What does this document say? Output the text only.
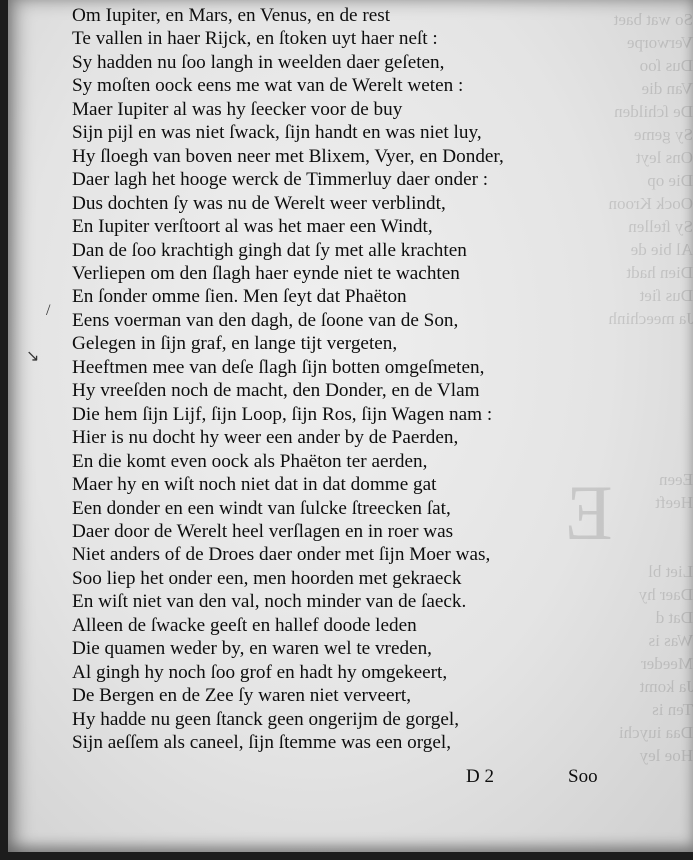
So wat baet
Verworpe
Dus ſoo
Van die
De ſchilden
Sy geme
Ons leyt
Die op
Oock Kroon
Sy ſtellen
Al bie de
Dien hadt
Dus ſiet
Ja meechinh

Eeen
Heeft

Liet bl
Daer hy
Dat d
Was is
Meeder
Ja komt
Ten is
Daa iuychi
Hoe ley
E
/
↘
Om Iupiter, en Mars, en Venus, en de rest
Te vallen in haer Rijck, en ſtoken uyt haer neſt :
Sy hadden nu ſoo langh in weelden daer geſeten,
Sy moſten oock eens me wat van de Werelt weten :
Maer Iupiter al was hy ſeecker voor de buy
Sijn pijl en was niet ſwack, ſijn handt en was niet luy,
Hy ſloegh van boven neer met Blixem, Vyer, en Donder,
Daer lagh het hooge werck de Timmerluy daer onder :
Dus dochten ſy was nu de Werelt weer verblindt,
En Iupiter verſtoort al was het maer een Windt,
Dan de ſoo krachtigh gingh dat ſy met alle krachten
Verliepen om den ſlagh haer eynde niet te wachten
En ſonder omme ſien. Men ſeyt dat Phaëton
Eens voerman van den dagh, de ſoone van de Son,
Gelegen in ſijn graf, en lange tijt vergeten,
Heeftmen mee van deſe ſlagh ſijn botten omgeſmeten,
Hy vreeſden noch de macht, den Donder, en de Vlam
Die hem ſijn Lijf, ſijn Loop, ſijn Ros, ſijn Wagen nam :
Hier is nu docht hy weer een ander by de Paerden,
En die komt even oock als Phaëton ter aerden,
Maer hy en wiſt noch niet dat in dat domme gat
Een donder en een windt van ſulcke ſtreecken ſat,
Daer door de Werelt heel verſlagen en in roer was
Niet anders of de Droes daer onder met ſijn Moer was,
Soo liep het onder een, men hoorden met gekraeck
En wiſt niet van den val, noch minder van de ſaeck.
Alleen de ſwacke geeſt en hallef doode leden
Die quamen weder by, en waren wel te vreden,
Al gingh hy noch ſoo grof en hadt hy omgekeert,
De Bergen en de Zee ſy waren niet verveert,
Hy hadde nu geen ſtanck geen ongerijm de gorgel,
Sijn aeſſem als caneel, ſijn ſtemme was een orgel,
D 2	Soo
